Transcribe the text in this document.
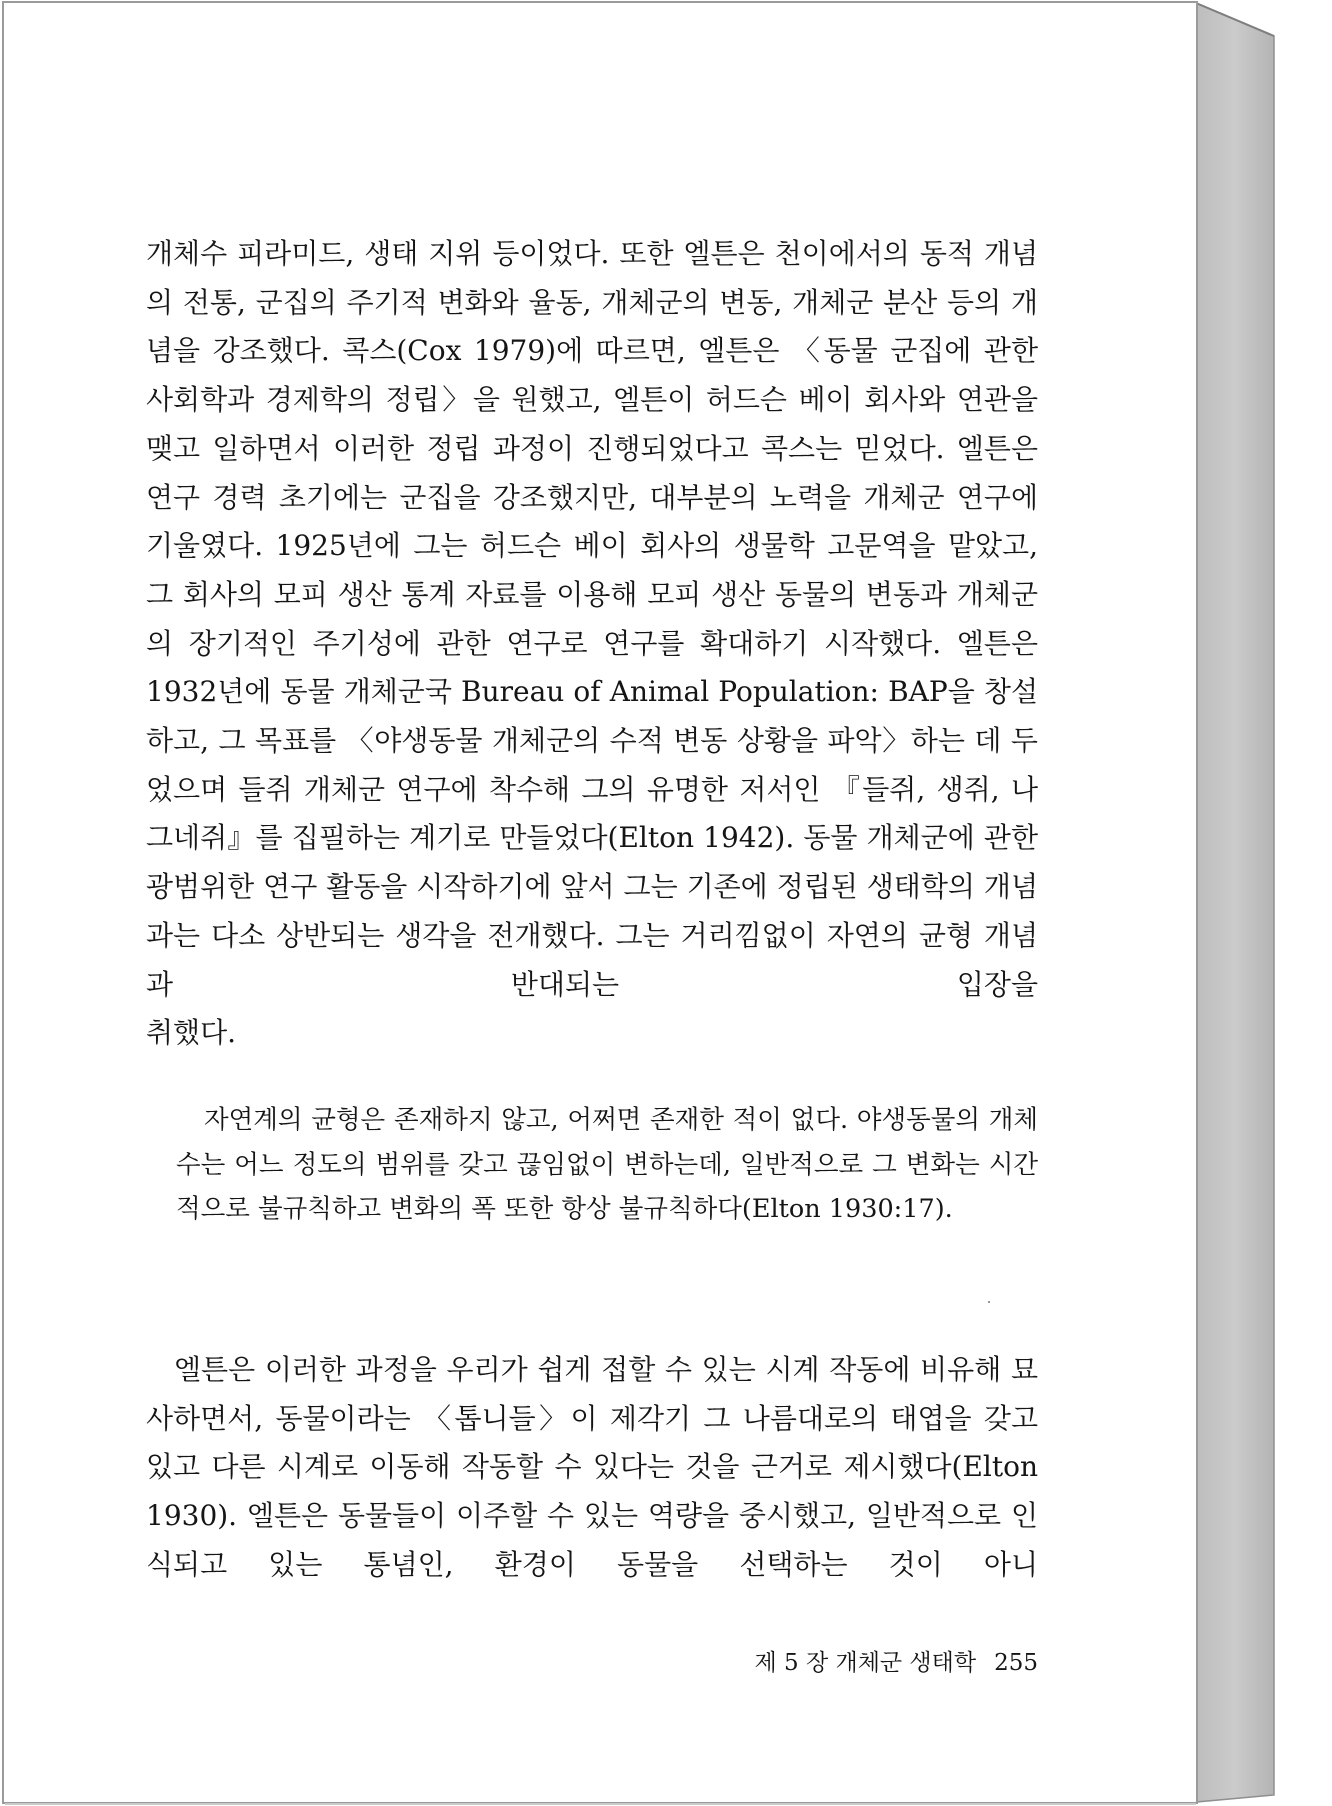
개체수 피라미드, 생태 지위 등이었다. 또한 엘튼은 천이에서의 동적 개념의 전통, 군집의 주기적 변화와 율동, 개체군의 변동, 개체군 분산 등의 개념을 강조했다. 콕스(Cox 1979)에 따르면, 엘튼은 〈동물 군집에 관한 사회학과 경제학의 정립〉을 원했고, 엘튼이 허드슨 베이 회사와 연관을 맺고 일하면서 이러한 정립 과정이 진행되었다고 콕스는 믿었다. 엘튼은 연구 경력 초기에는 군집을 강조했지만, 대부분의 노력을 개체군 연구에 기울였다. 1925년에 그는 허드슨 베이 회사의 생물학 고문역을 맡았고, 그 회사의 모피 생산 통계 자료를 이용해 모피 생산 동물의 변동과 개체군의 장기적인 주기성에 관한 연구로 연구를 확대하기 시작했다. 엘튼은 1932년에 동물 개체군국 Bureau of Animal Population: BAP을 창설하고, 그 목표를 〈야생동물 개체군의 수적 변동 상황을 파악〉하는 데 두었으며 들쥐 개체군 연구에 착수해 그의 유명한 저서인 『들쥐, 생쥐, 나그네쥐』를 집필하는 계기로 만들었다(Elton 1942). 동물 개체군에 관한 광범위한 연구 활동을 시작하기에 앞서 그는 기존에 정립된 생태학의 개념과는 다소 상반되는 생각을 전개했다. 그는 거리낌없이 자연의 균형 개념과 반대되는 입장을
취했다.

자연계의 균형은 존재하지 않고, 어쩌면 존재한 적이 없다. 야생동물의 개체수는 어느 정도의 범위를 갖고 끊임없이 변하는데, 일반적으로 그 변화는 시간적으로 불규칙하고 변화의 폭 또한 항상 불규칙하다(Elton 1930:17).

엘튼은 이러한 과정을 우리가 쉽게 접할 수 있는 시계 작동에 비유해 묘사하면서, 동물이라는 〈톱니들〉이 제각기 그 나름대로의 태엽을 갖고 있고 다른 시계로 이동해 작동할 수 있다는 것을 근거로 제시했다(Elton 1930). 엘튼은 동물들이 이주할 수 있는 역량을 중시했고, 일반적으로 인식되고 있는 통념인, 환경이 동물을 선택하는 것이 아니

제 5 장 개체군 생태학 255
